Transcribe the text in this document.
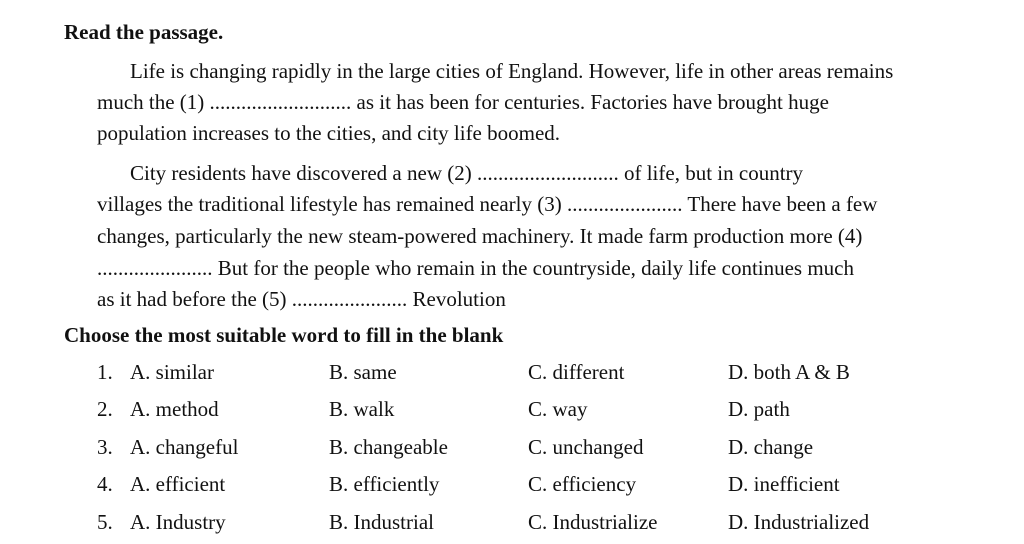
Read the passage.
Life is changing rapidly in the large cities of England. However, life in other areas remains
much the (1) ........................... as it has been for centuries. Factories have brought huge
population increases to the cities, and city life boomed.
City residents have discovered a new (2) ........................... of life, but in country
villages the traditional lifestyle has remained nearly (3) ...................... There have been a few
changes, particularly the new steam-powered machinery. It made farm production more (4)
...................... But for the people who remain in the countryside, daily life continues much
as it had before the (5) ...................... Revolution
Choose the most suitable word to fill in the blank
1. A. similar	B. same	C. different	D. both A & B
2. A. method	B. walk	C. way	D. path
3. A. changeful	B. changeable	C. unchanged	D. change
4. A. efficient	B. efficiently	C. efficiency	D. inefficient
5. A. Industry	B. Industrial	C. Industrialize	D. Industrialized
